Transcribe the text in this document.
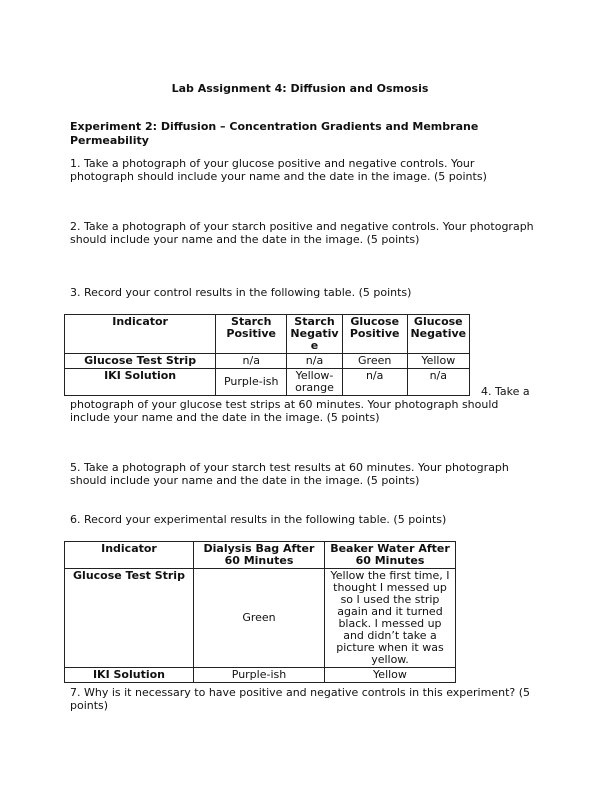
Lab Assignment 4: Diffusion and Osmosis
Experiment 2: Diffusion – Concentration Gradients and Membrane Permeability
1. Take a photograph of your glucose positive and negative controls. Your photograph should include your name and the date in the image. (5 points)
2. Take a photograph of your starch positive and negative controls. Your photograph should include your name and the date in the image. (5 points)
3. Record your control results in the following table. (5 points)
Indicator	Starch Positive	Starch Negative	Glucose Positive	Glucose Negative
Glucose Test Strip	n/a	n/a	Green	Yellow
IKI Solution	Purple-ish	Yellow-orange	n/a	n/a
4. Take a
photograph of your glucose test strips at 60 minutes. Your photograph should include your name and the date in the image. (5 points)
5. Take a photograph of your starch test results at 60 minutes. Your photograph should include your name and the date in the image. (5 points)
6. Record your experimental results in the following table. (5 points)
Indicator	Dialysis Bag After 60 Minutes	Beaker Water After 60 Minutes
Glucose Test Strip	Green	Yellow the first time, I thought I messed up so I used the strip again and it turned black. I messed up and didn’t take a picture when it was yellow.
IKI Solution	Purple-ish	Yellow
7. Why is it necessary to have positive and negative controls in this experiment? (5 points)
